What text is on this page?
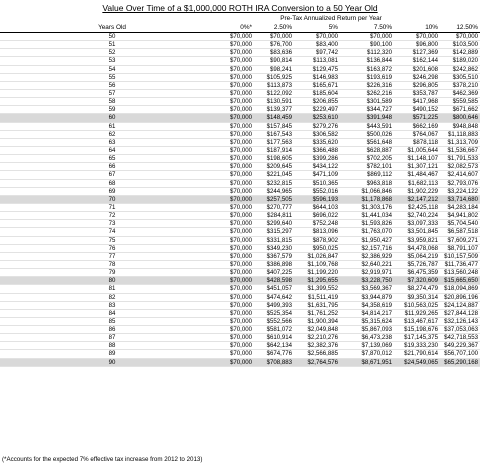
Value Over Time of a $1,000,000 ROTH IRA Conversion to a 50 Year Old
Pre-Tax Annualized Return per Year
Years Old	0%*	2.50%	5%	7.50%	10%	12.50%
50	$70,000	$70,000	$70,000	$70,000	$70,000	$70,000
51	$70,000	$76,700	$83,400	$90,100	$96,800	$103,500
52	$70,000	$83,636	$97,742	$112,320	$127,369	$142,889
53	$70,000	$90,814	$113,081	$136,844	$162,144	$189,020
54	$70,000	$98,241	$129,475	$163,872	$201,608	$242,862
55	$70,000	$105,925	$146,983	$193,619	$246,298	$305,510
56	$70,000	$113,873	$165,671	$226,316	$296,805	$378,210
57	$70,000	$122,092	$185,604	$262,216	$353,787	$462,369
58	$70,000	$130,591	$206,855	$301,589	$417,968	$559,585
59	$70,000	$139,377	$229,497	$344,727	$490,152	$671,662
60	$70,000	$148,459	$253,610	$391,948	$571,225	$800,646
61	$70,000	$157,845	$279,276	$443,591	$662,169	$948,848
62	$70,000	$167,543	$306,582	$500,026	$764,067	$1,118,883
63	$70,000	$177,563	$335,620	$561,648	$878,118	$1,313,709
64	$70,000	$187,914	$366,488	$628,887	$1,005,644	$1,536,667
65	$70,000	$198,605	$399,286	$702,205	$1,148,107	$1,791,533
66	$70,000	$209,645	$434,122	$782,101	$1,307,121	$2,082,573
67	$70,000	$221,045	$471,109	$869,112	$1,484,467	$2,414,607
68	$70,000	$232,815	$510,365	$963,818	$1,682,113	$2,793,076
69	$70,000	$244,965	$552,016	$1,066,846	$1,902,229	$3,224,122
70	$70,000	$257,505	$596,193	$1,178,868	$2,147,212	$3,714,680
71	$70,000	$270,777	$644,103	$1,303,176	$2,425,118	$4,283,184
72	$70,000	$284,811	$696,022	$1,441,034	$2,740,224	$4,941,802
73	$70,000	$299,640	$752,248	$1,593,826	$3,097,333	$5,704,540
74	$70,000	$315,297	$813,096	$1,763,070	$3,501,845	$6,587,518
75	$70,000	$331,815	$878,902	$1,950,427	$3,959,821	$7,609,271
76	$70,000	$349,230	$950,025	$2,157,716	$4,478,068	$8,791,107
77	$70,000	$367,579	$1,026,847	$2,386,929	$5,064,219	$10,157,509
78	$70,000	$386,898	$1,109,768	$2,640,221	$5,726,787	$11,736,477
79	$70,000	$407,225	$1,199,220	$2,919,971	$6,475,359	$13,560,248
80	$70,000	$428,598	$1,295,655	$3,228,750	$7,320,609	$15,665,650
81	$70,000	$451,057	$1,399,552	$3,569,367	$8,274,479	$18,094,869
82	$70,000	$474,642	$1,511,419	$3,944,879	$9,350,314	$20,896,196
83	$70,000	$499,393	$1,631,795	$4,358,619	$10,563,025	$24,124,887
84	$70,000	$525,354	$1,761,252	$4,814,217	$11,929,265	$27,844,128
85	$70,000	$552,566	$1,900,394	$5,315,624	$13,467,617	$32,126,143
86	$70,000	$581,072	$2,049,848	$5,867,093	$15,198,676	$37,053,063
87	$70,000	$610,914	$2,210,276	$6,473,238	$17,145,375	$42,718,553
88	$70,000	$642,134	$2,382,376	$7,139,069	$19,333,230	$49,229,367
89	$70,000	$674,776	$2,566,885	$7,870,012	$21,790,614	$56,707,100
90	$70,000	$708,883	$2,764,576	$8,671,951	$24,549,065	$65,290,168
(*Accounts for the expected 7% effective tax increase from 2012 to 2013)
